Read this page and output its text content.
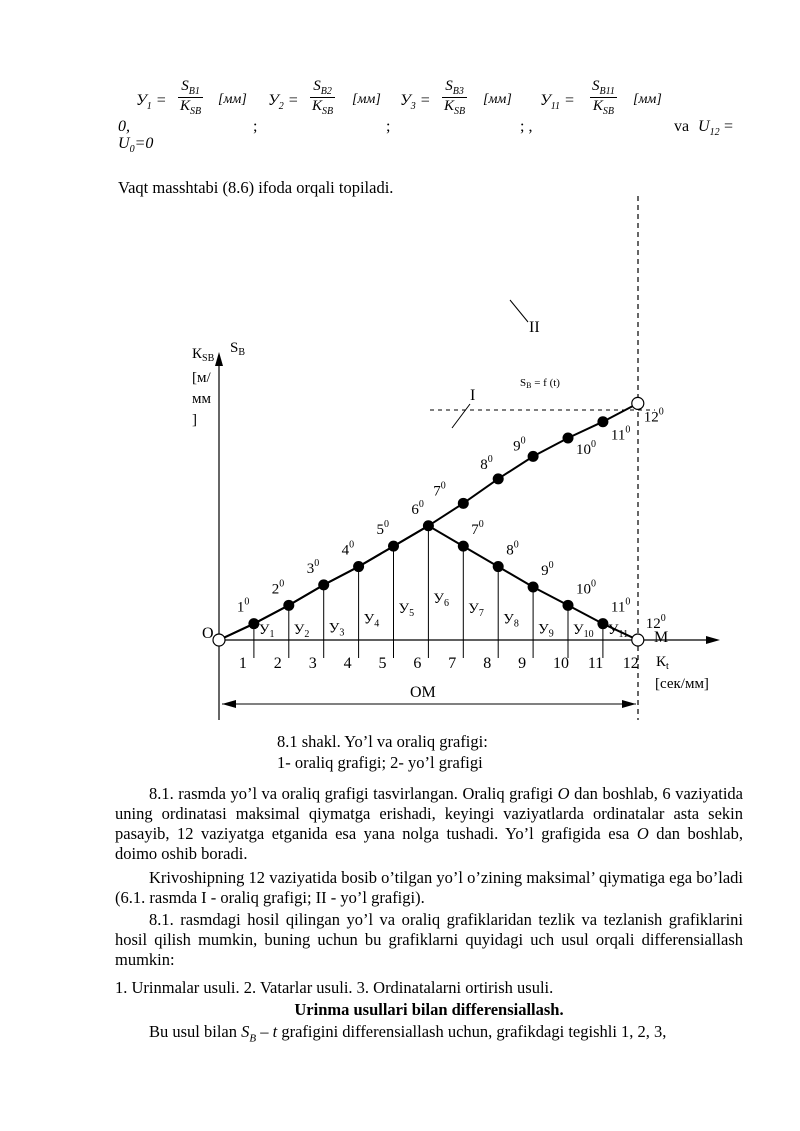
$У_1$ =
$S_{B1}$
$K_{SB}$
[мм]
;
$У_2$ =
$S_{B2}$
$K_{SB}$
[мм]
;
$У_3$ =
$S_{B3}$
$K_{SB}$
[мм]
; ,
$У_{11}$ =
$S_{B11}$
$K_{SB}$
[мм]
0,	va $U_{12}$ =
$U_0=0$
Vaqt masshtabi (8.6) ifoda orqali topiladi.
1 2 3 4 5 6 7 8 9 10 11 12
$У_1$ $У_2$ $У_3$
$У_4$
$У_5$
$У_6$ $У_7$ $У_8$ $У_9$ $У_{10}$ $У_{11}$
$1^0$
$2^0$
$3^0$
$4^0$
$5^0$
$6^0$
$7^0$
$8^0$
$9^0$
$10^0$
$11^0$
$12^0$
$7^0$
$8^0$
$9^0$
$10^0$
$11^0$
$12^0$
$К_{SB}$
$S_B$
[м/
мм
]
O	M
$К_t$
[сек/мм]
ОМ
I
II
SB = f (t)
8.1 shakl. Yo’l va oraliq grafigi:
1- oraliq grafigi; 2- yo’l grafigi
8.1. rasmda yo’l va oraliq grafigi tasvirlangan. Oraliq grafigi O dan boshlab, 6 vaziyatida uning ordinatasi maksimal qiymatga erishadi, keyingi vaziyatlarda ordinatalar asta sekin pasayib, 12 vaziyatga etganida esa yana nolga tushadi. Yo’l grafigida esa O dan boshlab, doimo oshib boradi.
Krivoshipning 12 vaziyatida bosib o’tilgan yo’l o’zining maksimal’ qiymatiga ega bo’ladi (6.1. rasmda I - oraliq grafigi; II - yo’l grafigi).
8.1. rasmdagi hosil qilingan yo’l va oraliq grafiklaridan tezlik va tezlanish grafiklarini hosil qilish mumkin, buning uchun bu grafiklarni quyidagi uch usul orqali differensiallash mumkin:
1. Urinmalar usuli. 2. Vatarlar usuli. 3. Ordinatalarni ortirish usuli.
Urinma usullari bilan differensiallash.
Bu usul bilan $S_B$ – t grafigini differensiallash uchun, grafikdagi tegishli 1, 2, 3,
